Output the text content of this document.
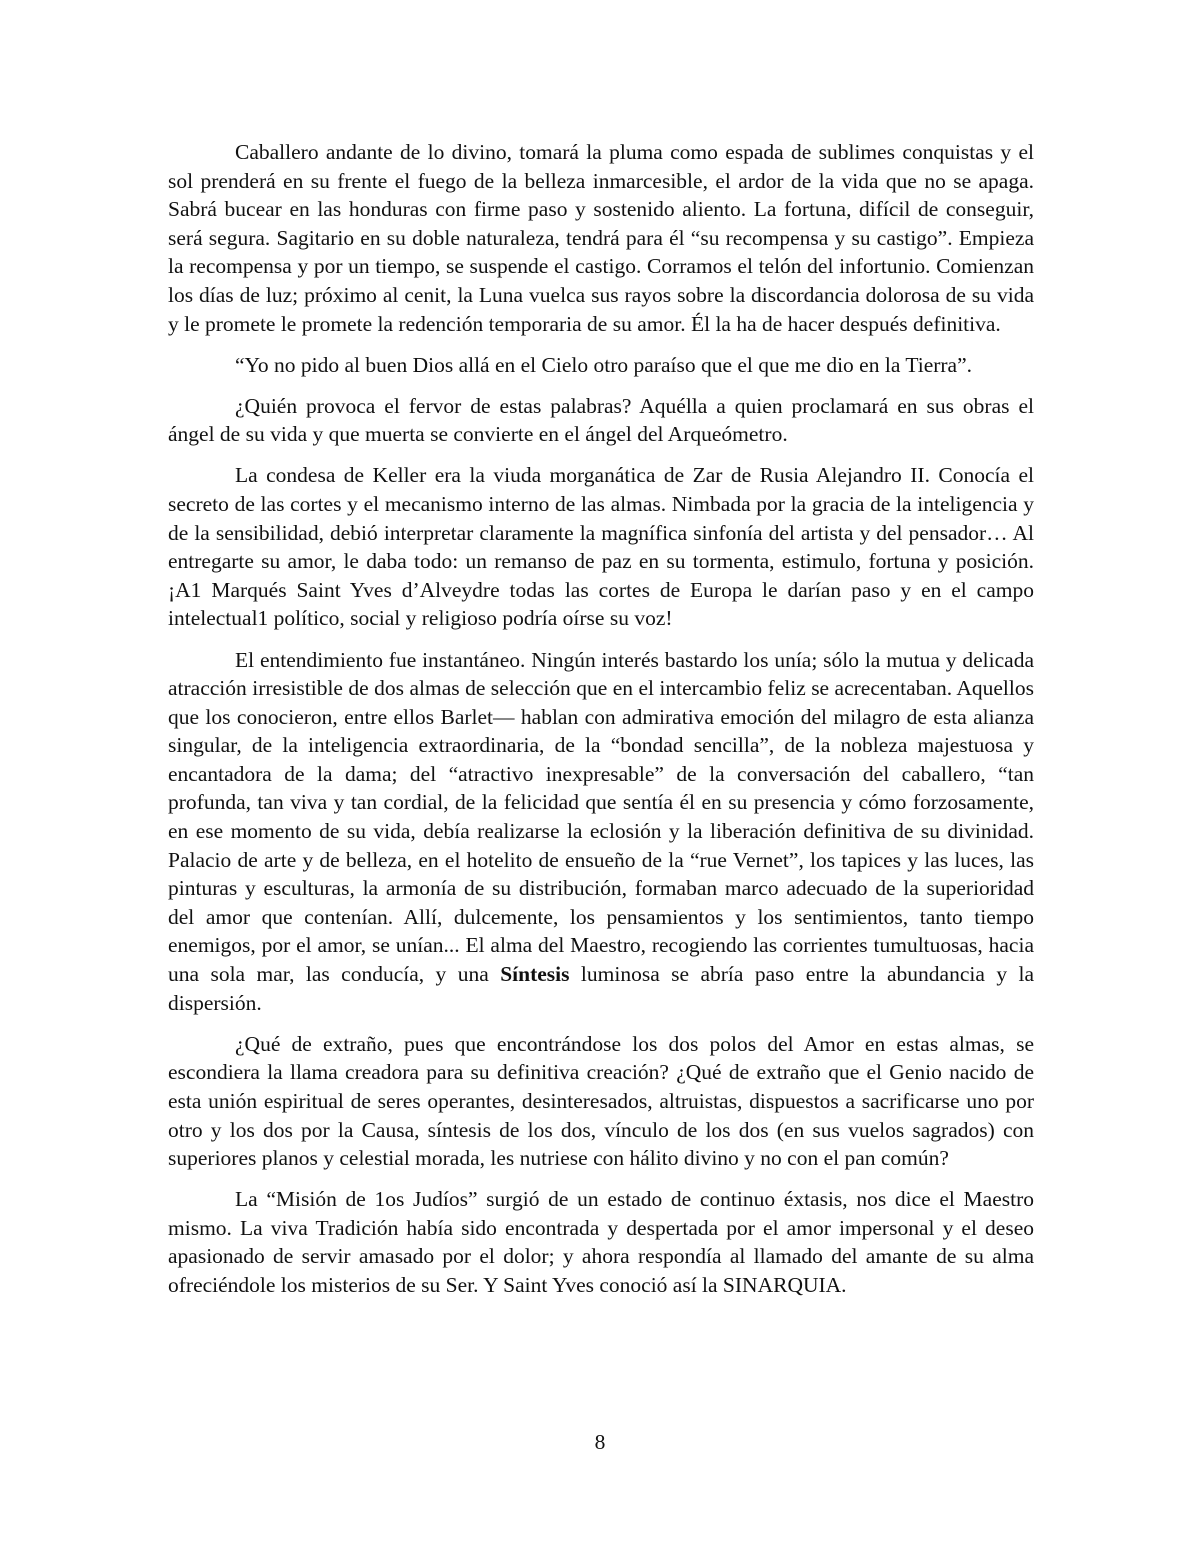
Caballero andante de lo divino, tomará la pluma como espada de sublimes conquistas y el sol prenderá en su frente el fuego de la belleza inmarcesible, el ardor de la vida que no se apaga. Sabrá bucear en las honduras con firme paso y sostenido aliento. La fortuna, difícil de conseguir, será segura. Sagitario en su doble naturaleza, tendrá para él “su recompensa y su castigo”. Empieza la recompensa y por un tiempo, se suspende el castigo. Corramos el telón del infortunio. Comienzan los días de luz; próximo al cenit, la Luna vuelca sus rayos sobre la discordancia dolorosa de su vida y le promete le promete la redención temporaria de su amor. Él la ha de hacer después definitiva.

“Yo no pido al buen Dios allá en el Cielo otro paraíso que el que me dio en la Tierra”.

¿Quién provoca el fervor de estas palabras? Aquélla a quien proclamará en sus obras el ángel de su vida y que muerta se convierte en el ángel del Arqueómetro.

La condesa de Keller era la viuda morganática de Zar de Rusia Alejandro II. Conocía el secreto de las cortes y el mecanismo interno de las almas. Nimbada por la gracia de la inteligencia y de la sensibilidad, debió interpretar claramente la magnífica sinfonía del artista y del pensador… Al entregarte su amor, le daba todo: un remanso de paz en su tormenta, estimulo, fortuna y posición. ¡A1 Marqués Saint Yves d’Alveydre todas las cortes de Europa le darían paso y en el campo intelectual1 político, social y religioso podría oírse su voz!

El entendimiento fue instantáneo. Ningún interés bastardo los unía; sólo la mutua y delicada atracción irresistible de dos almas de selección que en el intercambio feliz se acrecentaban. Aquellos que los conocieron, entre ellos Barlet— hablan con admirativa emoción del milagro de esta alianza singular, de la inteligencia extraordinaria, de la “bondad sencilla”, de la nobleza majestuosa y encantadora de la dama; del “atractivo inexpresable” de la conversación del caballero, “tan profunda, tan viva y tan cordial, de la felicidad que sentía él en su presencia y cómo forzosamente, en ese momento de su vida, debía realizarse la eclosión y la liberación definitiva de su divinidad. Palacio de arte y de belleza, en el hotelito de ensueño de la “rue Vernet”, los tapices y las luces, las pinturas y esculturas, la armonía de su distribución, formaban marco adecuado de la superioridad del amor que contenían. Allí, dulcemente, los pensamientos y los sentimientos, tanto tiempo enemigos, por el amor, se unían... El alma del Maestro, recogiendo las corrientes tumultuosas, hacia una sola mar, las conducía, y una Síntesis luminosa se abría paso entre la abundancia y la dispersión.

¿Qué de extraño, pues que encontrándose los dos polos del Amor en estas almas, se escondiera la llama creadora para su definitiva creación? ¿Qué de extraño que el Genio nacido de esta unión espiritual de seres operantes, desinteresados, altruistas, dispuestos a sacrificarse uno por otro y los dos por la Causa, síntesis de los dos, vínculo de los dos (en sus vuelos sagrados) con superiores planos y celestial morada, les nutriese con hálito divino y no con el pan común?

La “Misión de 1os Judíos” surgió de un estado de continuo éxtasis, nos dice el Maestro mismo. La viva Tradición había sido encontrada y despertada por el amor impersonal y el deseo apasionado de servir amasado por el dolor; y ahora respondía al llamado del amante de su alma ofreciéndole los misterios de su Ser. Y Saint Yves conoció así la SINARQUIA.

8
